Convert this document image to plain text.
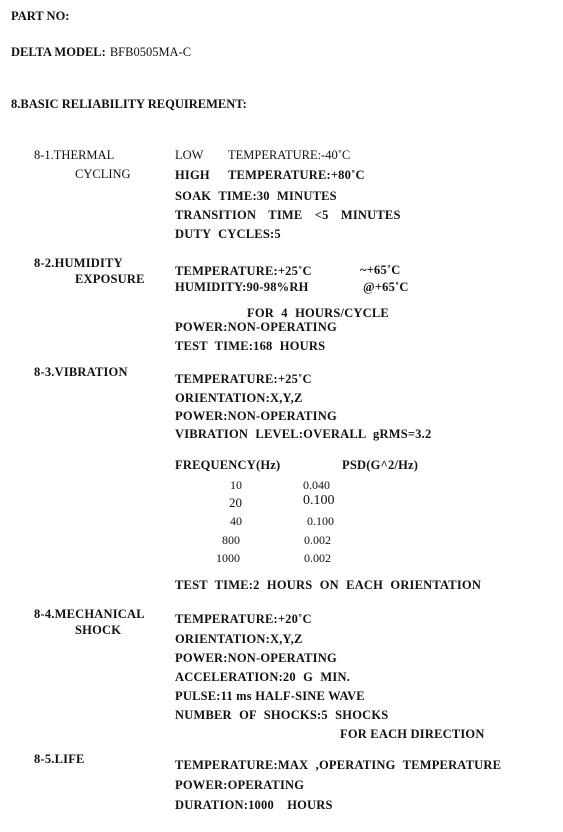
PART NO:
DELTA MODEL: BFB0505MA-C
8.BASIC RELIABILITY REQUIREMENT:
8-1.THERMAL
CYCLING
LOW TEMPERATURE:-40˚C
HIGH TEMPERATURE:+80˚C
SOAK TIME:30 MINUTES
TRANSITION TIME <5 MINUTES
DUTY CYCLES:5
8-2.HUMIDITY
EXPOSURE
TEMPERATURE:+25˚C	~+65˚C
HUMIDITY:90-98%RH	@+65˚C
FOR 4 HOURS/CYCLE
POWER:NON-OPERATING
TEST TIME:168 HOURS
8-3.VIBRATION	TEMPERATURE:+25˚C
ORIENTATION:X,Y,Z
POWER:NON-OPERATING
VIBRATION LEVEL:OVERALL gRMS=3.2
FREQUENCY(Hz)	PSD(G^2/Hz)
10	0.040
20	0.100
40	0.100
800	0.002
1000	0.002
TEST TIME:2 HOURS ON EACH ORIENTATION
8-4.MECHANICAL
SHOCK
TEMPERATURE:+20˚C
ORIENTATION:X,Y,Z
POWER:NON-OPERATING
ACCELERATION:20 G MIN.
PULSE:11 ms HALF-SINE WAVE
NUMBER OF SHOCKS:5 SHOCKS
FOR EACH DIRECTION
8-5.LIFE	TEMPERATURE:MAX ,OPERATING TEMPERATURE
POWER:OPERATING
DURATION:1000    HOURS
